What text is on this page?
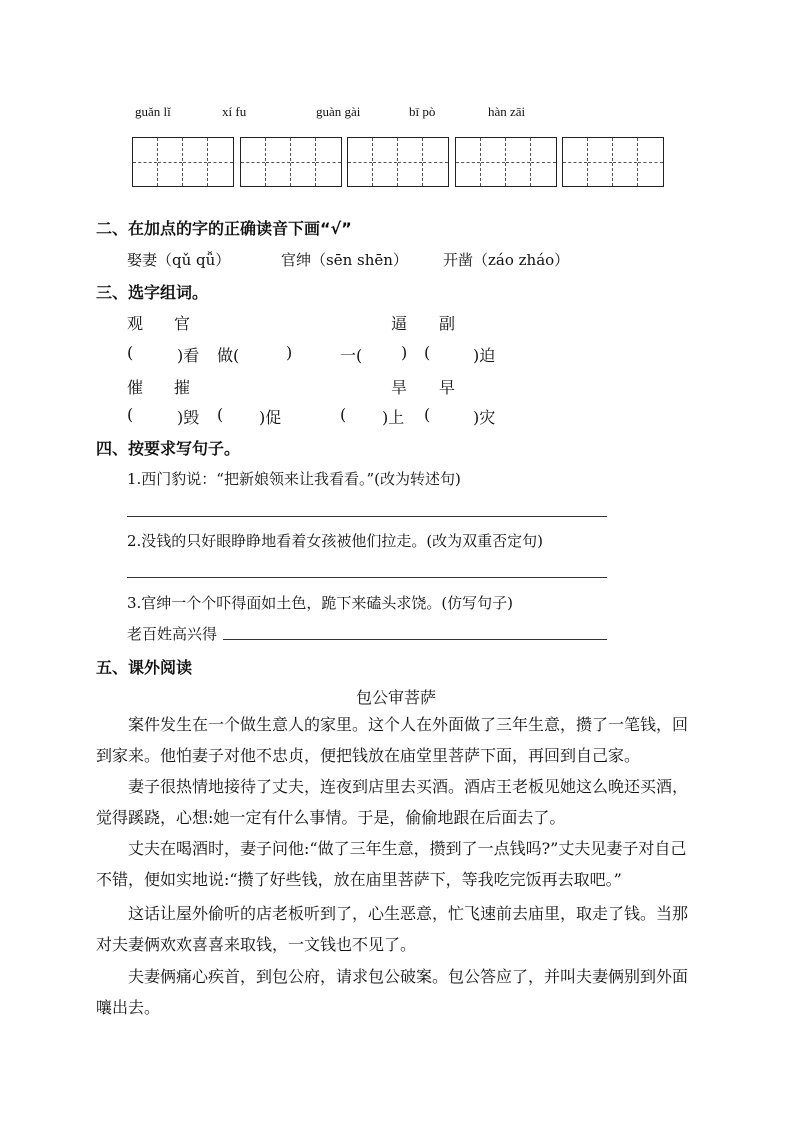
guǎn lǐ	xí fu	guàn gài	bī pò	hàn zāi
二、在加点的字的正确读音下画“√”
娶妻（qǔ qǚ）	官绅（sēn shēn） 开凿（záo zháo）
三、选字组词。
观 官	逼 副
(	)看 做(	)	一( ) (	)迫
催 摧	旱 早
(	)毁 ( )促	( )上 (	)灾
四、按要求写句子。
1.西门豹说：“把新娘领来让我看看。”(改为转述句)
2.没钱的只好眼睁睁地看着女孩被他们拉走。(改为双重否定句)
3.官绅一个个吓得面如土色，跪下来磕头求饶。(仿写句子)
老百姓高兴得
五、课外阅读
包公审菩萨
案件发生在一个做生意人的家里。这个人在外面做了三年生意，攒了一笔钱，回到家来。他怕妻子对他不忠贞，便把钱放在庙堂里菩萨下面，再回到自己家。
妻子很热情地接待了丈夫，连夜到店里去买酒。酒店王老板见她这么晚还买酒，觉得蹊跷，心想:她一定有什么事情。于是，偷偷地跟在后面去了。
丈夫在喝酒时，妻子问他:“做了三年生意，攒到了一点钱吗?”丈夫见妻子对自己不错，便如实地说:“攒了好些钱，放在庙里菩萨下，等我吃完饭再去取吧。”
这话让屋外偷听的店老板听到了，心生恶意，忙飞速前去庙里，取走了钱。当那对夫妻俩欢欢喜喜来取钱，一文钱也不见了。
夫妻俩痛心疾首，到包公府，请求包公破案。包公答应了，并叫夫妻俩别到外面嚷出去。
